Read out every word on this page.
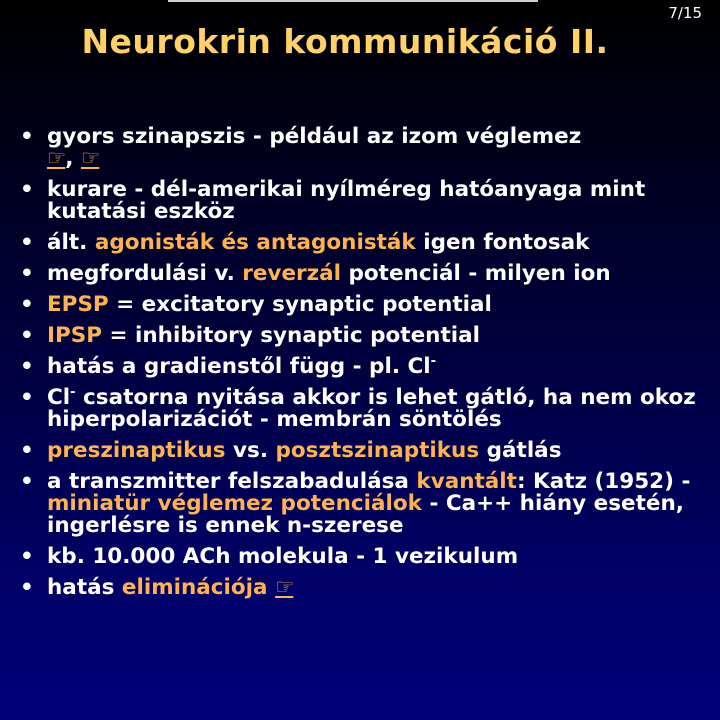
7/15
Neurokrin kommunikáció II.
• gyors szinapszis - például az izom véglemez
☞, ☞
• kurare - dél-amerikai nyílméreg hatóanyaga mint kutatási eszköz
• ált. agonisták és antagonisták igen fontosak
• megfordulási v. reverzál potenciál - milyen ion
• EPSP = excitatory synaptic potential
• IPSP = inhibitory synaptic potential
• hatás a gradienstől függ - pl. Cl-
• Cl- csatorna nyitása akkor is lehet gátló, ha nem okoz hiperpolarizációt - membrán söntölés
• preszinaptikus vs. posztszinaptikus gátlás
• a transzmitter felszabadulása kvantált: Katz (1952) - miniatür véglemez potenciálok - Ca++ hiány esetén, ingerlésre is ennek n-szerese
• kb. 10.000 ACh molekula - 1 vezikulum
• hatás eliminációja ☞
